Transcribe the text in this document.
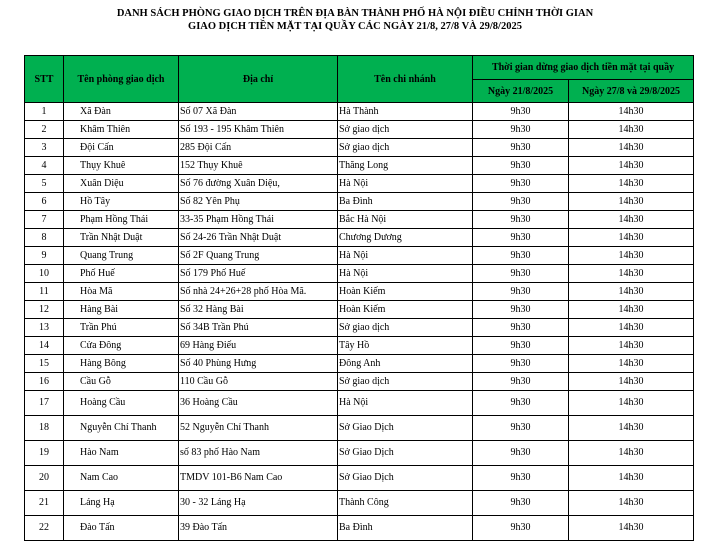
DANH SÁCH PHÒNG GIAO DỊCH TRÊN ĐỊA BÀN THÀNH PHỐ HÀ NỘI ĐIỀU CHỈNH THỜI GIAN
GIAO DỊCH TIỀN MẶT TẠI QUẦY CÁC NGÀY 21/8, 27/8 VÀ 29/8/2025
STT	Tên phòng giao dịch	Địa chỉ	Tên chi nhánh	Thời gian dừng giao dịch tiền mặt tại quầy	
				Ngày 21/8/2025	Ngày 27/8 và 29/8/2025
1	Xã Đàn	Số 07 Xã Đàn	Hà Thành	9h30	14h30
2	Khâm Thiên	Số 193 - 195 Khâm Thiên	Sở giao dịch	9h30	14h30
3	Đội Cấn	285 Đội Cấn	Sở giao dịch	9h30	14h30
4	Thụy Khuê	152 Thụy Khuê	Thăng Long	9h30	14h30
5	Xuân Diệu	Số 76 đường Xuân Diệu,	Hà Nội	9h30	14h30
6	Hồ Tây	Số 82 Yên Phụ	Ba Đình	9h30	14h30
7	Phạm Hồng Thái	33-35 Phạm Hồng Thái	Bắc Hà Nội	9h30	14h30
8	Trần Nhật Duật	Số 24-26 Trần Nhật Duật	Chương Dương	9h30	14h30
9	Quang Trung	Số 2F Quang Trung	Hà Nội	9h30	14h30
10	Phố Huế	Số 179 Phố Huế	Hà Nội	9h30	14h30
11	Hòa Mã	Số nhà 24+26+28 phố Hòa Mã.	Hoàn Kiếm	9h30	14h30
12	Hàng Bài	Số 32 Hàng Bài	Hoàn Kiếm	9h30	14h30
13	Trần Phú	Số 34B Trần Phú	Sở giao dịch	9h30	14h30
14	Cửa Đông	69 Hàng Điếu	Tây Hồ	9h30	14h30
15	Hàng Bông	Số 40 Phùng Hưng	Đông Anh	9h30	14h30
16	Cầu Gỗ	110 Cầu Gỗ	Sở giao dịch	9h30	14h30
17	Hoàng Cầu	36 Hoàng Cầu	Hà Nội	9h30	14h30
18	Nguyễn Chí Thanh	52 Nguyễn Chí Thanh	Sở Giao Dịch	9h30	14h30
19	Hào Nam	số 83 phố Hào Nam	Sở Giao Dịch	9h30	14h30
20	Nam Cao	TMDV 101-B6 Nam Cao	Sở Giao Dịch	9h30	14h30
21	Láng Hạ	30 - 32 Láng Hạ	Thành Công	9h30	14h30
22	Đào Tấn	39 Đào Tấn	Ba Đình	9h30	14h30
